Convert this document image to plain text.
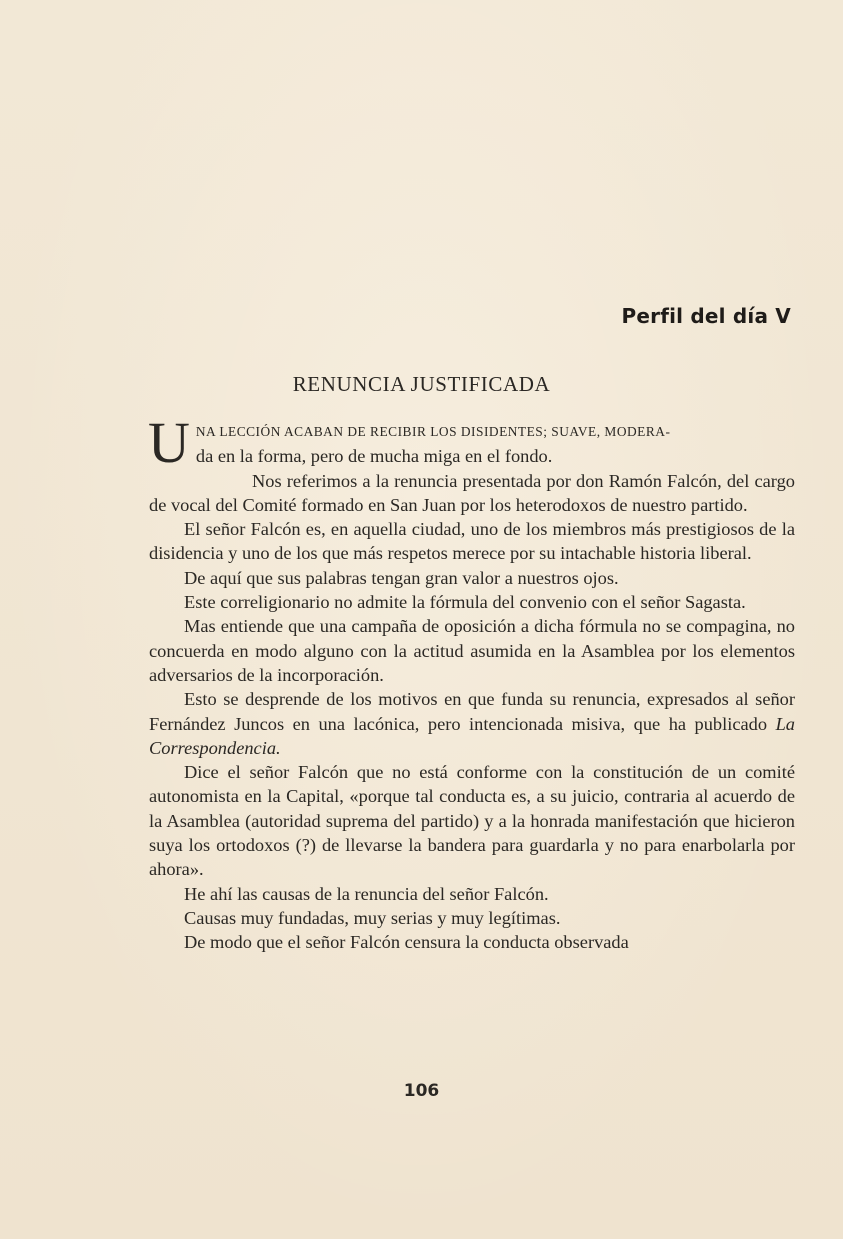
Perfil del día V
RENUNCIA JUSTIFICADA

UNA LECCIÓN ACABAN DE RECIBIR LOS DISIDENTES; SUAVE, MODERA-
da en la forma, pero de mucha miga en el fondo.

Nos referimos a la renuncia presentada por don Ramón Falcón, del cargo de vocal del Comité formado en San Juan por los heterodoxos de nuestro partido.

El señor Falcón es, en aquella ciudad, uno de los miembros más prestigiosos de la disidencia y uno de los que más respetos merece por su intachable historia liberal.

De aquí que sus palabras tengan gran valor a nuestros ojos.

Este correligionario no admite la fórmula del convenio con el señor Sagasta.

Mas entiende que una campaña de oposición a dicha fórmula no se compagina, no concuerda en modo alguno con la actitud asumida en la Asamblea por los elementos adversarios de la incorporación.

Esto se desprende de los motivos en que funda su renuncia, expresados al señor Fernández Juncos en una lacónica, pero intencionada misiva, que ha publicado La Correspondencia.

Dice el señor Falcón que no está conforme con la constitución de un comité autonomista en la Capital, «porque tal conducta es, a su juicio, contraria al acuerdo de la Asamblea (autoridad suprema del partido) y a la honrada manifestación que hicieron suya los ortodoxos (?) de llevarse la bandera para guardarla y no para enarbolarla por ahora».

He ahí las causas de la renuncia del señor Falcón.

Causas muy fundadas, muy serias y muy legítimas.

De modo que el señor Falcón censura la conducta observada

106
